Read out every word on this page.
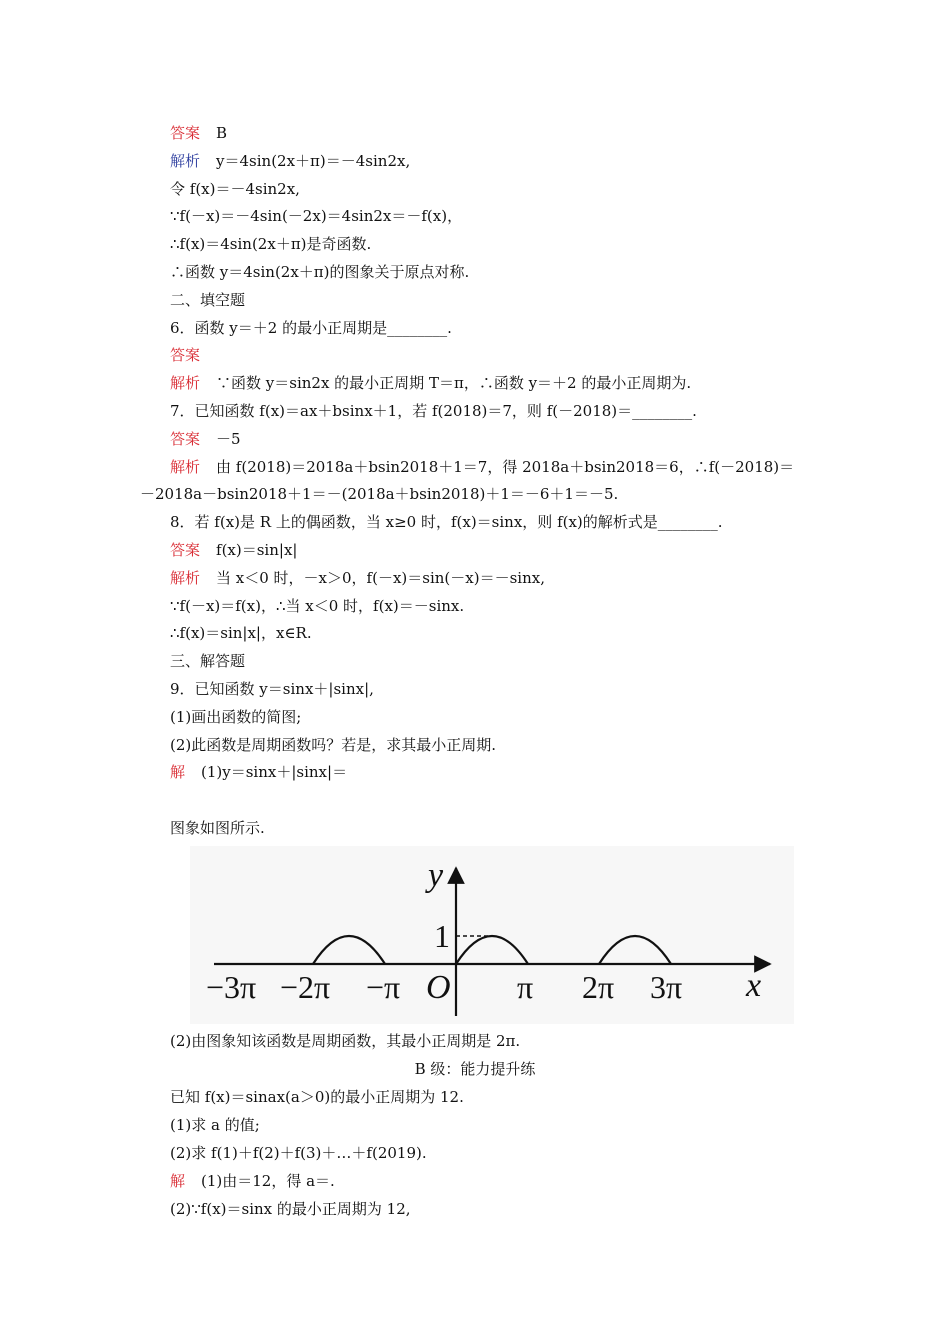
答案 B
解析 y＝4sin(2x＋π)＝－4sin2x,
令 f(x)＝－4sin2x,
∵f(－x)＝－4sin(－2x)＝4sin2x＝－f(x)，
∴f(x)＝4sin(2x＋π)是奇函数.
∴函数 y＝4sin(2x＋π)的图象关于原点对称.
二、填空题
6．函数 y＝＋2 的最小正周期是________.
答案
解析 ∵函数 y＝sin2x 的最小正周期 T＝π，∴函数 y＝＋2 的最小正周期为.
7．已知函数 f(x)＝ax＋bsinx＋1，若 f(2018)＝7，则 f(－2018)＝________.
答案 －5
解析 由 f(2018)＝2018a＋bsin2018＋1＝7，得 2018a＋bsin2018＝6，∴f(－2018)＝
－2018a－bsin2018＋1＝－(2018a＋bsin2018)＋1＝－6＋1＝－5.
8．若 f(x)是 R 上的偶函数，当 x≥0 时，f(x)＝sinx，则 f(x)的解析式是________.
答案 f(x)＝sin|x|
解析 当 x＜0 时，－x＞0，f(－x)＝sin(－x)＝－sinx,
∵f(－x)＝f(x)，∴当 x＜0 时，f(x)＝－sinx.
∴f(x)＝sin|x|，x∈R.
三、解答题
9．已知函数 y＝sinx＋|sinx|,
(1)画出函数的简图;
(2)此函数是周期函数吗？若是，求其最小正周期.
解 (1)y＝sinx＋|sinx|＝
图象如图所示.
y
1
O	x
−3π −2π −π	π 2π 3π
(2)由图象知该函数是周期函数，其最小正周期是 2π.
B 级：能力提升练
已知 f(x)＝sinax(a＞0)的最小正周期为 12.
(1)求 a 的值;
(2)求 f(1)＋f(2)＋f(3)＋…＋f(2019).
解 (1)由＝12，得 a＝.
(2)∵f(x)＝sinx 的最小正周期为 12,
